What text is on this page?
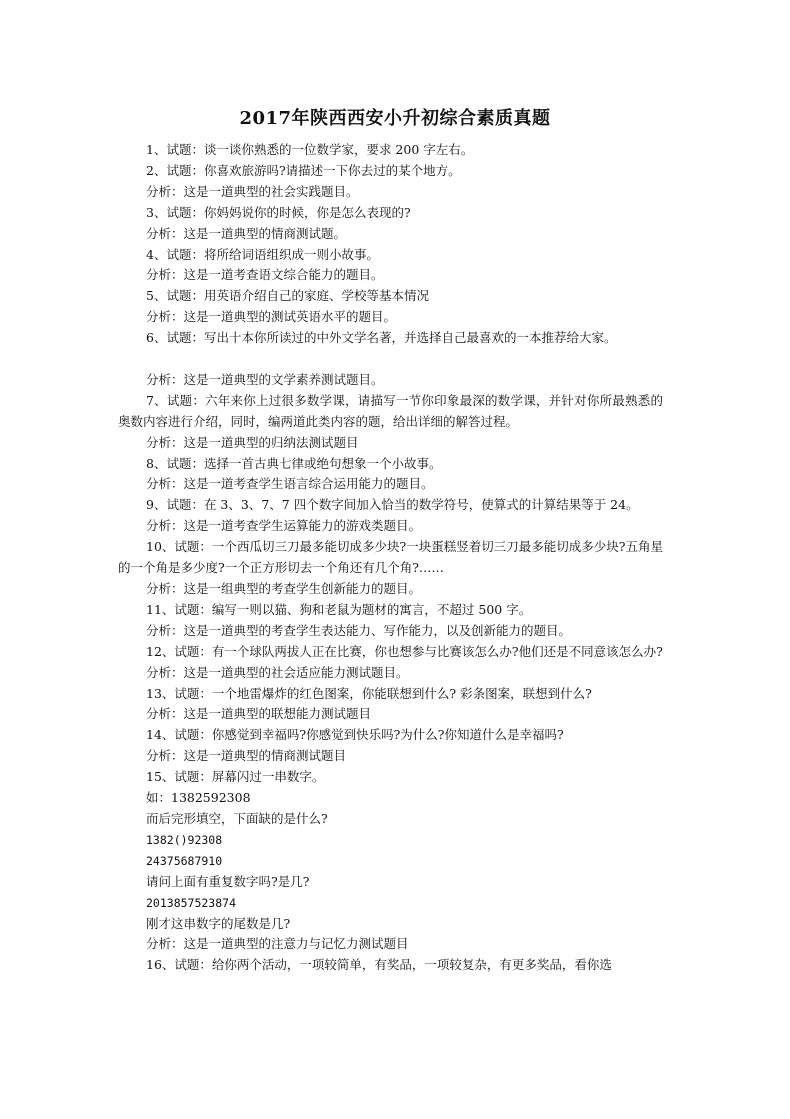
2017年陕西西安小升初综合素质真题

1、试题：谈一谈你熟悉的一位数学家，要求 200 字左右。

2、试题：你喜欢旅游吗?请描述一下你去过的某个地方。

分析：这是一道典型的社会实践题目。

3、试题：你妈妈说你的时候，你是怎么表现的?

分析：这是一道典型的情商测试题。

4、试题：将所给词语组织成一则小故事。

分析：这是一道考查语文综合能力的题目。

5、试题：用英语介绍自己的家庭、学校等基本情况

分析：这是一道典型的测试英语水平的题目。

6、试题：写出十本你所读过的中外文学名著，并选择自己最喜欢的一本推荐给大家。

分析：这是一道典型的文学素养测试题目。

7、试题：六年来你上过很多数学课，请描写一节你印象最深的数学课，并针对你所最熟悉的奥数内容进行介绍，同时，编两道此类内容的题，给出详细的解答过程。

分析：这是一道典型的归纳法测试题目

8、试题：选择一首古典七律或绝句想象一个小故事。

分析：这是一道考查学生语言综合运用能力的题目。

9、试题：在 3、3、7、7 四个数字间加入恰当的数学符号，使算式的计算结果等于 24。

分析：这是一道考查学生运算能力的游戏类题目。

10、试题：一个西瓜切三刀最多能切成多少块?一块蛋糕竖着切三刀最多能切成多少块?五角星的一个角是多少度?一个正方形切去一个角还有几个角?……

分析：这是一组典型的考查学生创新能力的题目。

11、试题：编写一则以猫、狗和老鼠为题材的寓言，不超过 500 字。

分析：这是一道典型的考查学生表达能力、写作能力，以及创新能力的题目。

12、试题：有一个球队两拔人正在比赛，你也想参与比赛该怎么办?他们还是不同意该怎么办?

分析：这是一道典型的社会适应能力测试题目。

13、试题：一个地雷爆炸的红色图案，你能联想到什么? 彩条图案，联想到什么?

分析：这是一道典型的联想能力测试题目

14、试题：你感觉到幸福吗?你感觉到快乐吗?为什么?你知道什么是幸福吗?

分析：这是一道典型的情商测试题目

15、试题：屏幕闪过一串数字。

如：1382592308

而后完形填空，下面缺的是什么?

1382()92308

24375687910

请问上面有重复数字吗?是几?

2013857523874

刚才这串数字的尾数是几?

分析：这是一道典型的注意力与记忆力测试题目

16、试题：给你两个活动，一项较简单，有奖品，一项较复杂，有更多奖品，看你选
